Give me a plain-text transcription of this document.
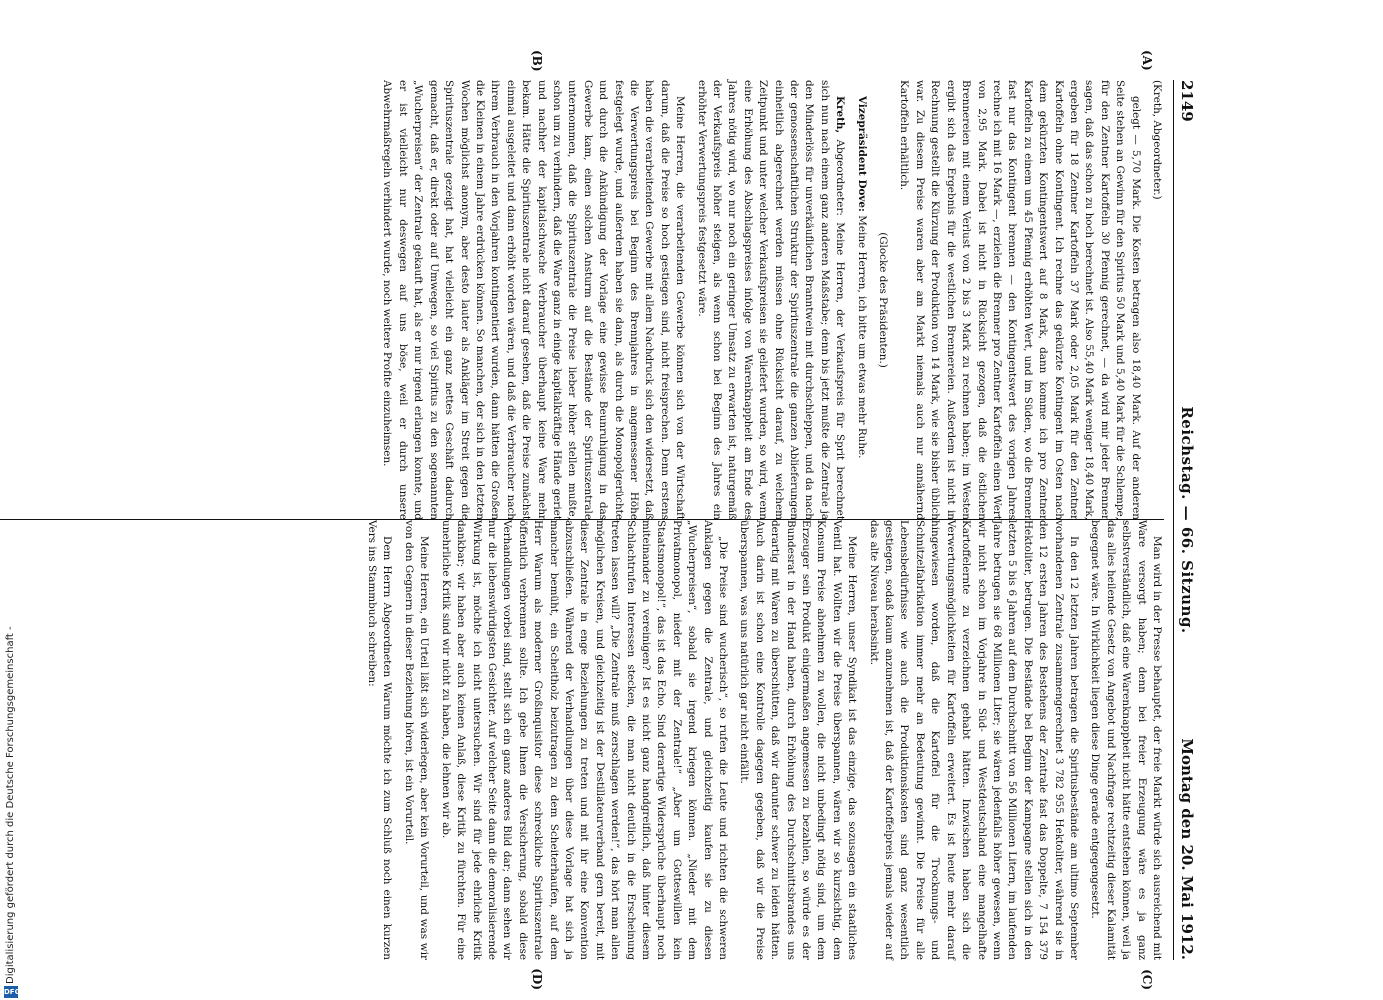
2149
Reichstag. — 66. Sitzung.
Montag den 20. Mai 1912.
(A)
(B)

(Kreth, Abgeordneter.)

gelegt — 5,70 Mark. Die Kosten betragen also 18,40 Mark. Auf der anderen Seite stehen an Gewinn für den Spiritus 50 Mark und 5,40 Mark für die Schlempe, für den Zentner Kartoffeln 30 Pfennig gerechnet, — da wird mir jeder Brenner sagen, daß das schon zu hoch berechnet ist. Also 55,40 Mark weniger 18,40 Mark, ergeben für 18 Zentner Kartoffeln 37 Mark oder 2,05 Mark für den Zentner Kartoffeln ohne Kontingent. Ich rechne das gekürzte Kontingent im Osten nach dem gekürzten Kontingentswert auf 8 Mark, dann komme ich pro Zentner Kartoffeln zu einem um 45 Pfennig erhöhten Wert, und im Süden, wo die Brenner fast nur das Kontingent brennen — den Kontingentswert des vorigen Jahres rechne ich mit 16 Mark —, erzielen die Brenner pro Zentner Kartoffeln einen Wert von 2,95 Mark. Dabei ist nicht in Rücksicht gezogen, daß die östlichen Brennereien mit einem Verlust von 2 bis 3 Mark zu rechnen haben; im Westen ergibt sich das Ergebnis für die westlichen Brennereien. Außerdem ist nicht in Rechnung gestellt die Kürzung der Produktion von 14 Mark, wie sie bisher üblich war. Zu diesem Preise waren aber am Markt niemals auch nur annähernd Kartoffeln erhältlich.

(Glocke des Präsidenten.)

Vizepräsident Dove: Meine Herren, ich bitte um etwas mehr Ruhe.

Kreth, Abgeordneter: Meine Herren, der Verkaufspreis für Sprit berechnet sich nun nach einem ganz anderen Maßstabe; denn bis jetzt mußte die Zentrale ja den Minderlöss für unverkäuflichen Branntwein mit durchschleppen, und da nach der genossenschaftlichen Struktur der Spirituszentrale die ganzen Ablieferungen einheitlich abgerechnet werden müssen ohne Rücksicht darauf, zu welchem Zeitpunkt und unter welcher Verkaufspreisen sie geliefert wurden, so wird, wenn eine Erhöhung des Abschlagspreises infolge von Warenknappheit am Ende des Jahres nötig wird, wo nur noch ein geringer Umsatz zu erwarten ist, naturgemäß der Verkaufspreis höher steigen, als wenn schon bei Beginn des Jahres ein erhöhter Verwertungspreis festgesetzt wäre.

Meine Herren, die verarbeitenden Gewerbe können sich von der Wirtschaft darum, daß die Preise so hoch gestiegen sind, nicht freisprechen. Denn erstens haben die verarbeitenden Gewerbe mit allem Nachdruck sich den widersetzt, daß die Verwertungspreis bei Beginn des Brennjahres in angemessener Höhe festgelegt wurde, und außerdem haben sie dann, als durch die Monopolgerüchte und durch die Ankündigung der Vorlage eine gewisse Beunruhigung in das Gewerbe kam, einen solchen Ansturm auf die Bestände der Spirituszentrale unternommen, daß die Spirituszentrale die Preise lieber höher stellen mußte, schon um zu verhindern, daß die Ware ganz in einige kapitalkräftige Hände geriet und nachher der kapitalschwache Verbraucher überhaupt keine Ware mehr bekam. Hätte die Spirituszentrale nicht darauf gesehen, daß die Preise zunächst einmal ausgeleitet und dann erhöht worden wären, und daß die Verbraucher nach ihrem Verbrauch in den Vorjahren kontingentiert wurden, dann hätten die Großen die Kleinen in einem Jahre erdrücken können. So manchen, der sich in den letzten Wochen möglichst anonym, aber desto lauter als Ankläger im Streit gegen die Spirituszentrale gezeigt hat, hat vielleicht ein ganz nettes Geschäft dadurch gemacht, daß er, direkt oder auf Umwegen, so viel Spiritus zu den sogenannten „Wucherpreisen“ der Zentrale gekauft hat, als er nur irgend erlangen konnte, und er ist vielleicht nur deswegen auf uns böse, weil er durch unsere Abwehrmaßregeln verhindert wurde, noch weitere Profite einzuheimsen.

(C)
(D)

Man wird in der Presse behauptet, der freie Markt würde sich ausreichend mit Ware versorgt haben; denn bei freier Erzeugung wäre es ja ganz selbstverständlich, daß eine Warenknappheit nicht hätte entstehen können, weil ja das alles heilende Gesetz von Angebot und Nachfrage rechtzeitig dieser Kalamität begegnet wäre. In Wirklichkeit liegen diese Dinge gerade entgegengesetzt.

In den 12 letzten Jahren betragen die Spiritusbestände am ultimo September vorhandenen Zentrale zusammengerechnet 3 782 955 Hektoliter, während sie in den 12 ersten Jahren des Bestehens der Zentrale fast das Doppelte, 7 154 379 Hektoliter, betrugen. Die Bestände bei Beginn der Kampagne stellen sich in den letzten 5 bis 6 Jahren auf dem Durchschnitt von 56 Millionen Litern, im laufenden Jahre betrugen sie 68 Millionen Liter; sie wären jedenfalls höher gewesen, wenn wir nicht schon im Vorjahre in Süd- und Westdeutschland eine mangelhafte Kartoffelernte zu verzeichnen gehabt hätten. Inzwischen haben sich die Verwertungsmöglichkeiten für Kartoffeln erweitert. Es ist heute mehr darauf hingewiesen worden, daß die Kartoffel für die Trocknungs- und Schnitzelfabrikation immer mehr an Bedeutung gewinnt. Die Preise für alle Lebensbedürfnisse wie auch die Produktionskosten sind ganz wesentlich gestiegen, sodaß kaum anzunehmen ist, daß der Kartoffelpreis jemals wieder auf das alte Niveau herabsinkt.

Meine Herren, unser Syndikat ist das einzige, das sozusagen ein staatliches Ventil hat. Wollten wir die Preise überspannen, wären wir so kurzsichtig, dem Konsum Preise abnehmen zu wollen, die nicht unbedingt nötig sind, um dem Erzeuger sein Produkt einigermaßen angemessen zu bezahlen, so würde es der Bundesrat in der Hand haben, durch Erhöhung des Durchschnittsbrandes uns derartig mit Waren zu überschütten, daß wir darunter schwer zu leiden hätten. Auch darin ist schon eine Kontrolle dagegen gegeben, daß wir die Preise überspannen, was uns natürlich gar nicht einfällt.

„Die Preise sind wucherisch“, so rufen die Leute und richten die schweren Anklagen gegen die Zentrale, und gleichzeitig kaufen sie zu diesen „Wucherpreisen“, sobald sie irgend kriegen können. „Nieder mit dem Privatmonopol, nieder mit der Zentrale!“ „Aber um Gotteswillen kein Staatsmonopol!“, das ist das Echo. Sind derartige Widersprüche überhaupt noch miteinander zu vereinigen? Ist es nicht ganz handgreiflich, daß hinter diesem Schlachtrufen Interessen stecken, die man nicht deutlich in die Erscheinung treten lassen will? „Die Zentrale muß zerschlagen werden!“, das hört man allen möglichen Kreisen, und gleichzeitig ist der Destillateurverband gern bereit, mit dieser Zentrale in enge Beziehungen zu treten und mit ihr eine Konvention abzuschließen. Während der Verhandlungen über diese Vorlage hat sich ja mancher bemüht, ein Scheitholz beizutragen zu dem Scheiterhaufen, auf dem Herr Warum als moderner Großinquisitor diese schreckliche Spirituszentrale öffentlich verbrennen sollte. Ich gebe Ihnen die Versicherung, sobald diese Verhandlungen vorbei sind, stellt sich ein ganz anderes Bild dar; dann sehen wir nur die liebenswürdigsten Gesichter. Auf welcher Seite dann die demoralisierende Wirkung ist, möchte ich nicht untersuchen. Wir sind für jede ehrliche Kritik dankbar; wir haben aber auch keinen Anlaß, diese Kritik zu fürchten. Für eine unehrliche Kritik sind wir nicht zu haben, die lehnen wir ab.

Meine Herren, ein Urteil läßt sich widerlegen, aber kein Vorurteil, und was wir von den Gegnern in dieser Beziehung hören, ist ein Vorurteil.

Dem Herrn Abgeordneten Warum möchte ich zum Schluß noch einen kurzen Vers ins Stammbuch schreiben:

Digitalisierung gefördert durch die Deutsche Forschungsgemeinschaft -
DFG
